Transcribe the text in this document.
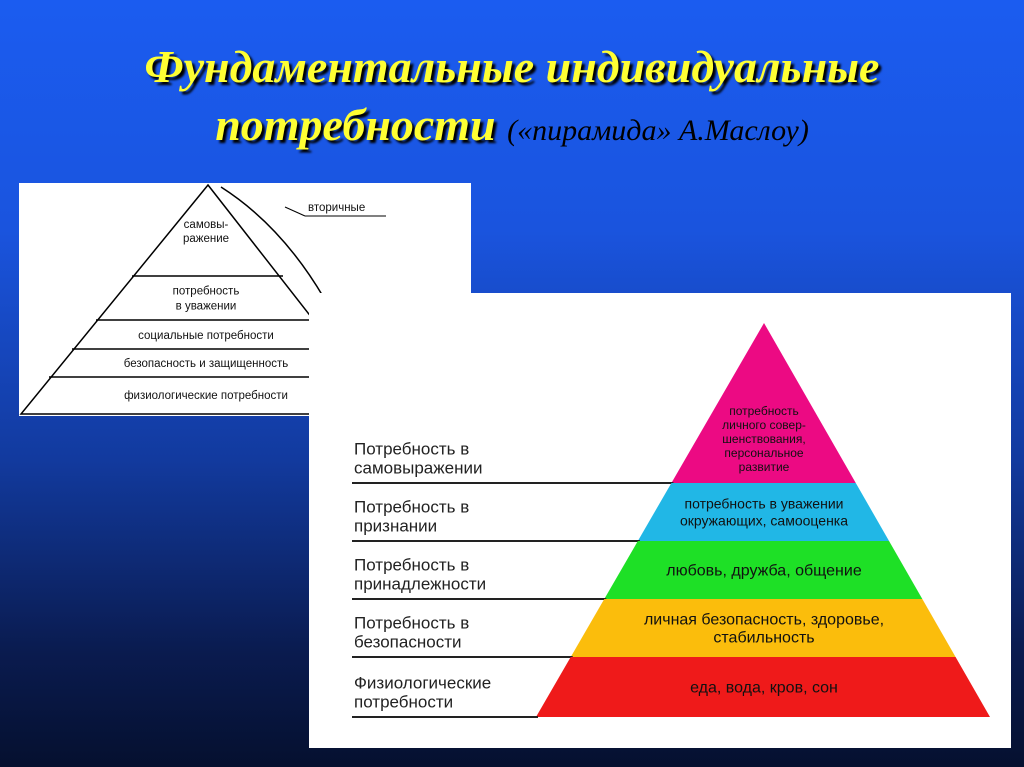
Фундаментальные индивидуальные
потребности («пирамида» А.Маслоу)
вторичные
самовы-
ражение
потребность
в уважении
социальные потребности
безопасность и защищенность
физиологические потребности
потребность
личного совер-
шенствования,
персональное
развитие
потребность в уважении
окружающих, самооценка
любовь, дружба, общение
личная безопасность, здоровье,
стабильность
еда, вода, кров, сон
Потребность в
самовыражении
Потребность в
признании
Потребность в
принадлежности
Потребность в
безопасности
Физиологические
потребности
